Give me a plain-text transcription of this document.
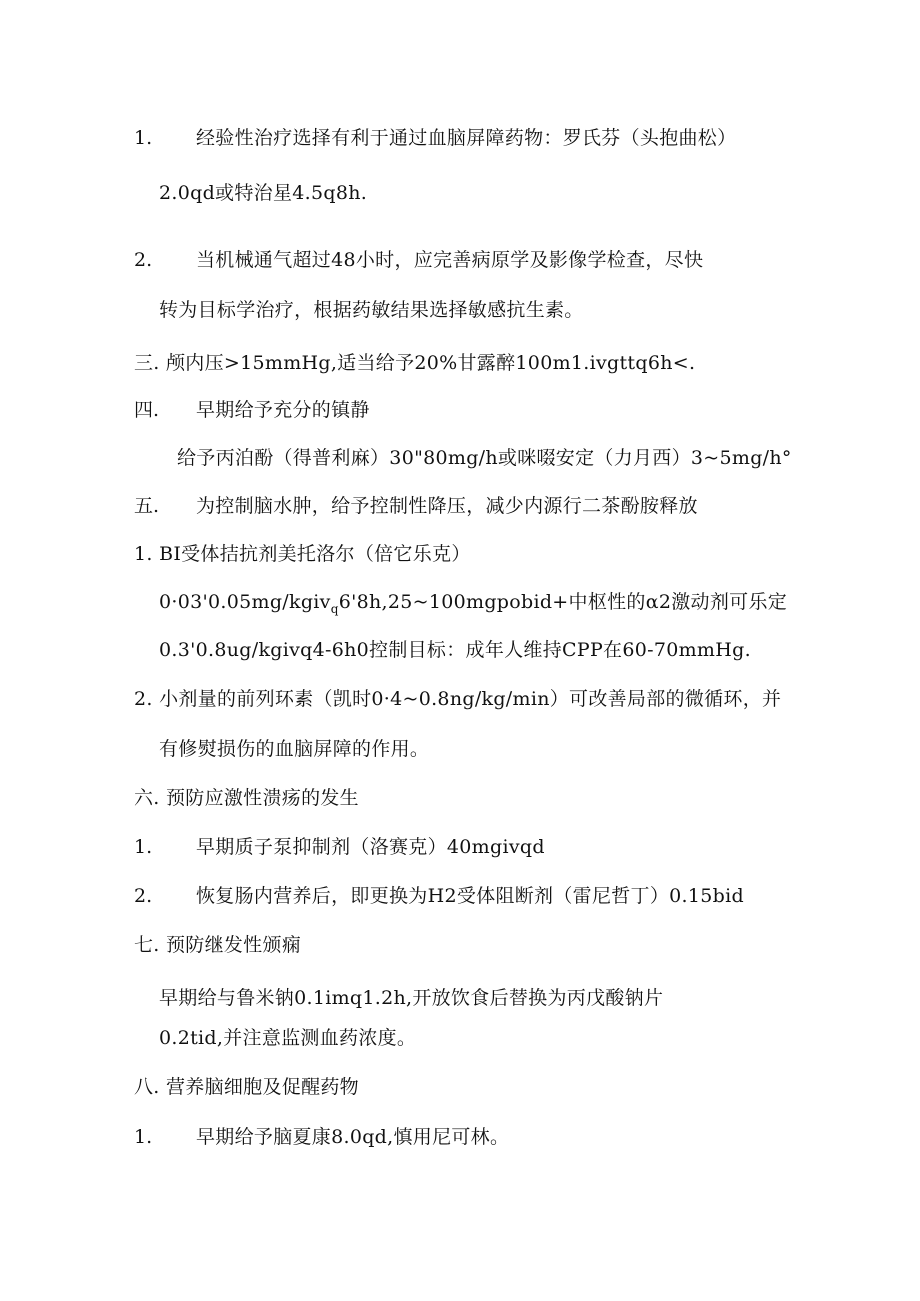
1. 经验性治疗选择有利于通过血脑屏障药物：罗氏芬（头抱曲松）
2.0qd或特治星4.5q8h.
2. 当机械通气超过48小时，应完善病原学及影像学检查，尽快
转为目标学治疗，根据药敏结果选择敏感抗生素。
三. 颅内压>15mmHg,适当给予20%甘露醉100m1.ivgttq6h<.
四. 早期给予充分的镇静
给予丙泊酚（得普利麻）30"80mg∕h或咪啜安定（力月西）3~5mg∕h°
五. 为控制脑水肿，给予控制性降压，减少内源行二茶酚胺释放
1. BI受体拮抗剂美托洛尔（倍它乐克）
0·03'0.05mg∕kgiv$_q$6'8h,25~100mgpobid+中枢性的α2激动剂可乐定
0.3'0.8ug∕kgivq4-6h0控制目标：成年人维持CPP在60-70mmHg.
2. 小剂量的前列环素（凯时0·4~0.8ng∕kg∕min）可改善局部的微循环，并
有修熨损伤的血脑屏障的作用。
六. 预防应激性溃疡的发生
1. 早期质子泵抑制剂（洛赛克）40mgivqd
2. 恢复肠内营养后，即更换为H2受体阻断剂（雷尼哲丁）0.15bid
七. 预防继发性颁痫
早期给与鲁米钠0.1imq1.2h,开放饮食后替换为丙戊酸钠片
0.2tid,并注意监测血药浓度。
八. 营养脑细胞及促醒药物
1. 早期给予脑夏康8.0qd,慎用尼可林。
